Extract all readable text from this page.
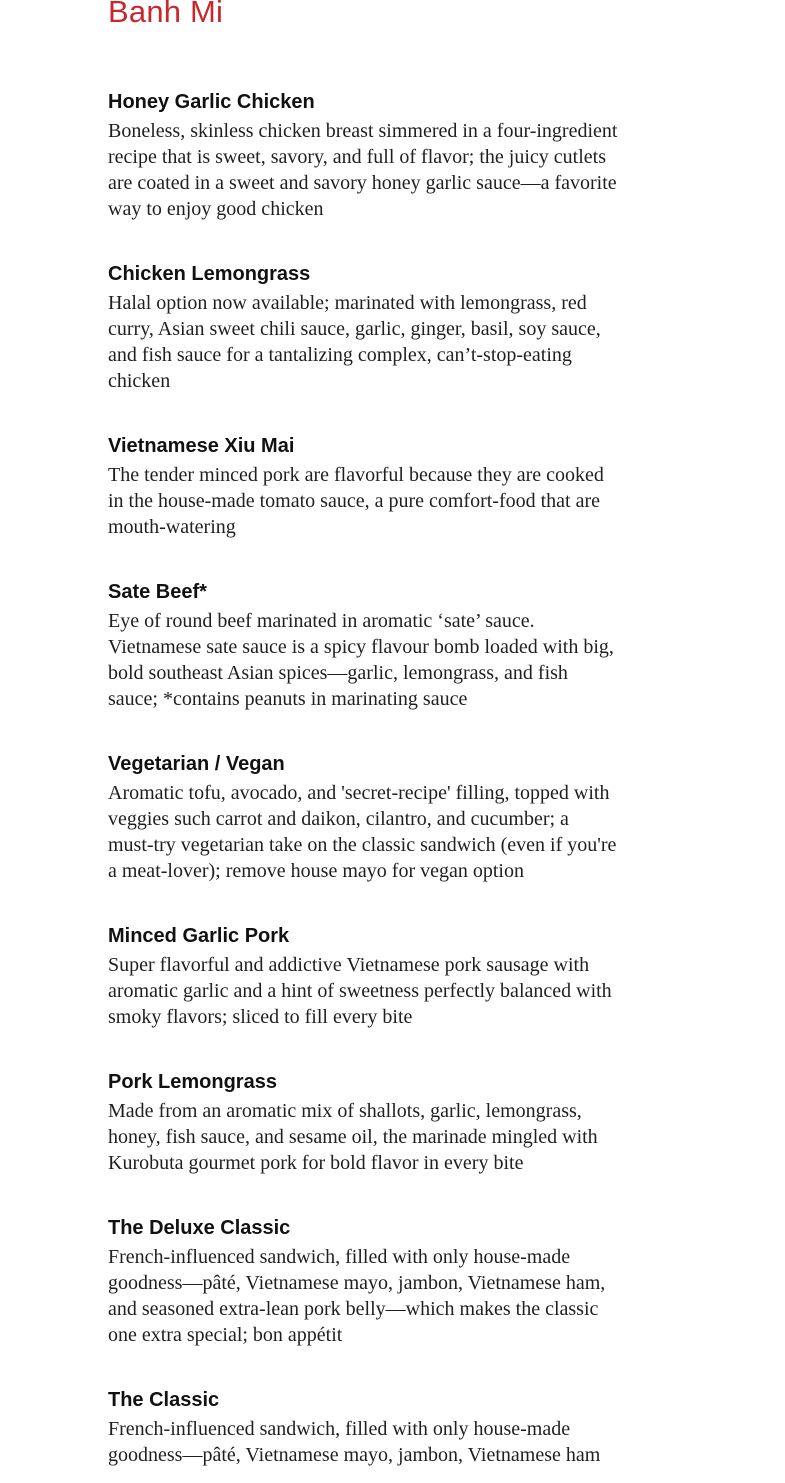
Banh Mi
Honey Garlic Chicken

Boneless, skinless chicken breast simmered in a four-ingredient recipe that is sweet, savory, and full of flavor; the juicy cutlets are coated in a sweet and savory honey garlic sauce—a favorite way to enjoy good chicken

Chicken Lemongrass

Halal option now available; marinated with lemongrass, red curry, Asian sweet chili sauce, garlic, ginger, basil, soy sauce, and fish sauce for a tantalizing complex, can’t-stop-eating chicken

Vietnamese Xiu Mai

The tender minced pork are flavorful because they are cooked in the house-made tomato sauce, a pure comfort-food that are mouth-watering

Sate Beef*

Eye of round beef marinated in aromatic ‘sate’ sauce. Vietnamese sate sauce is a spicy flavour bomb loaded with big, bold southeast Asian spices—garlic, lemongrass, and fish sauce; *contains peanuts in marinating sauce

Vegetarian / Vegan

Aromatic tofu, avocado, and 'secret-recipe' filling, topped with veggies such carrot and daikon, cilantro, and cucumber; a must-try vegetarian take on the classic sandwich (even if you're a meat-lover); remove house mayo for vegan option

Minced Garlic Pork

Super flavorful and addictive Vietnamese pork sausage with aromatic garlic and a hint of sweetness perfectly balanced with smoky flavors; sliced to fill every bite

Pork Lemongrass

Made from an aromatic mix of shallots, garlic, lemongrass, honey, fish sauce, and sesame oil, the marinade mingled with Kurobuta gourmet pork for bold flavor in every bite

The Deluxe Classic

French-influenced sandwich, filled with only house-made goodness—pâté, Vietnamese mayo, jambon, Vietnamese ham, and seasoned extra-lean pork belly—which makes the classic one extra special; bon appétit

The Classic

French-influenced sandwich, filled with only house-made goodness—pâté, Vietnamese mayo, jambon, Vietnamese ham
